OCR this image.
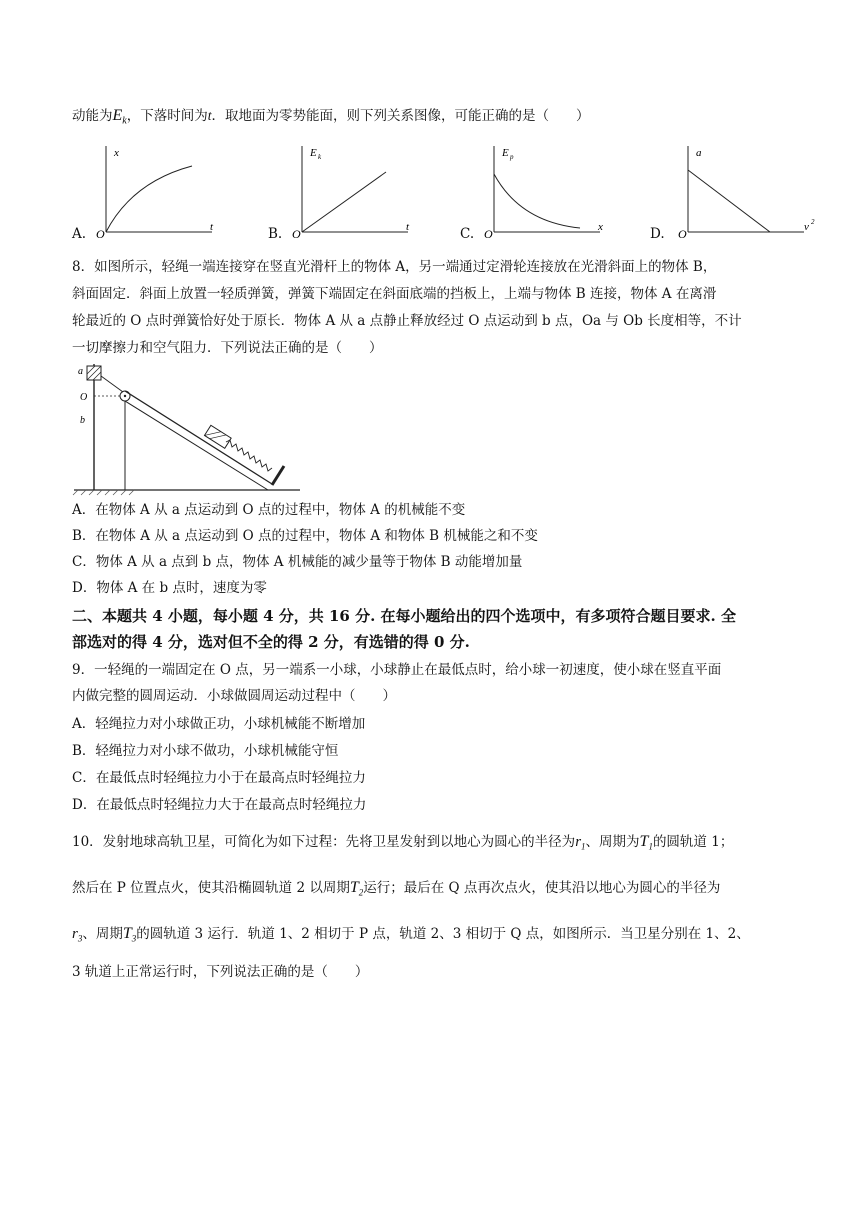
动能为$E_k$，下落时间为t．取地面为零势能面，则下列关系图像，可能正确的是（　　）
A.
x
t
O	B.
E k
t
O	C.
E p
x
O	D.
a
v 2
O
8．如图所示，轻绳一端连接穿在竖直光滑杆上的物体 A，另一端通过定滑轮连接放在光滑斜面上的物体 B，
斜面固定．斜面上放置一轻质弹簧，弹簧下端固定在斜面底端的挡板上，上端与物体 B 连接，物体 A 在离滑
轮最近的 O 点时弹簧恰好处于原长．物体 A 从 a 点静止释放经过 O 点运动到 b 点，Oa 与 Ob 长度相等，不计
一切摩擦力和空气阻力．下列说法正确的是（　　）
a
O
b
A．在物体 A 从 a 点运动到 O 点的过程中，物体 A 的机械能不变
B．在物体 A 从 a 点运动到 O 点的过程中，物体 A 和物体 B 机械能之和不变
C．物体 A 从 a 点到 b 点，物体 A 机械能的减少量等于物体 B 动能增加量
D．物体 A 在 b 点时，速度为零
二、本题共 4 小题，每小题 4 分，共 16 分. 在每小题给出的四个选项中，有多项符合题目要求. 全
部选对的得 4 分，选对但不全的得 2 分，有选错的得 0 分.
9．一轻绳的一端固定在 O 点，另一端系一小球，小球静止在最低点时，给小球一初速度，使小球在竖直平面
内做完整的圆周运动．小球做圆周运动过程中（　　）
A．轻绳拉力对小球做正功，小球机械能不断增加
B．轻绳拉力对小球不做功，小球机械能守恒
C．在最低点时轻绳拉力小于在最高点时轻绳拉力
D．在最低点时轻绳拉力大于在最高点时轻绳拉力
10．发射地球高轨卫星，可简化为如下过程：先将卫星发射到以地心为圆心的半径为$r_1$、周期为$T_1$的圆轨道 1；
然后在 P 位置点火，使其沿椭圆轨道 2 以周期$T_2$运行；最后在 Q 点再次点火，使其沿以地心为圆心的半径为
$r_3$、周期$T_3$的圆轨道 3 运行．轨道 1、2 相切于 P 点，轨道 2、3 相切于 Q 点，如图所示．当卫星分别在 1、2、
3 轨道上正常运行时，下列说法正确的是（　　）
